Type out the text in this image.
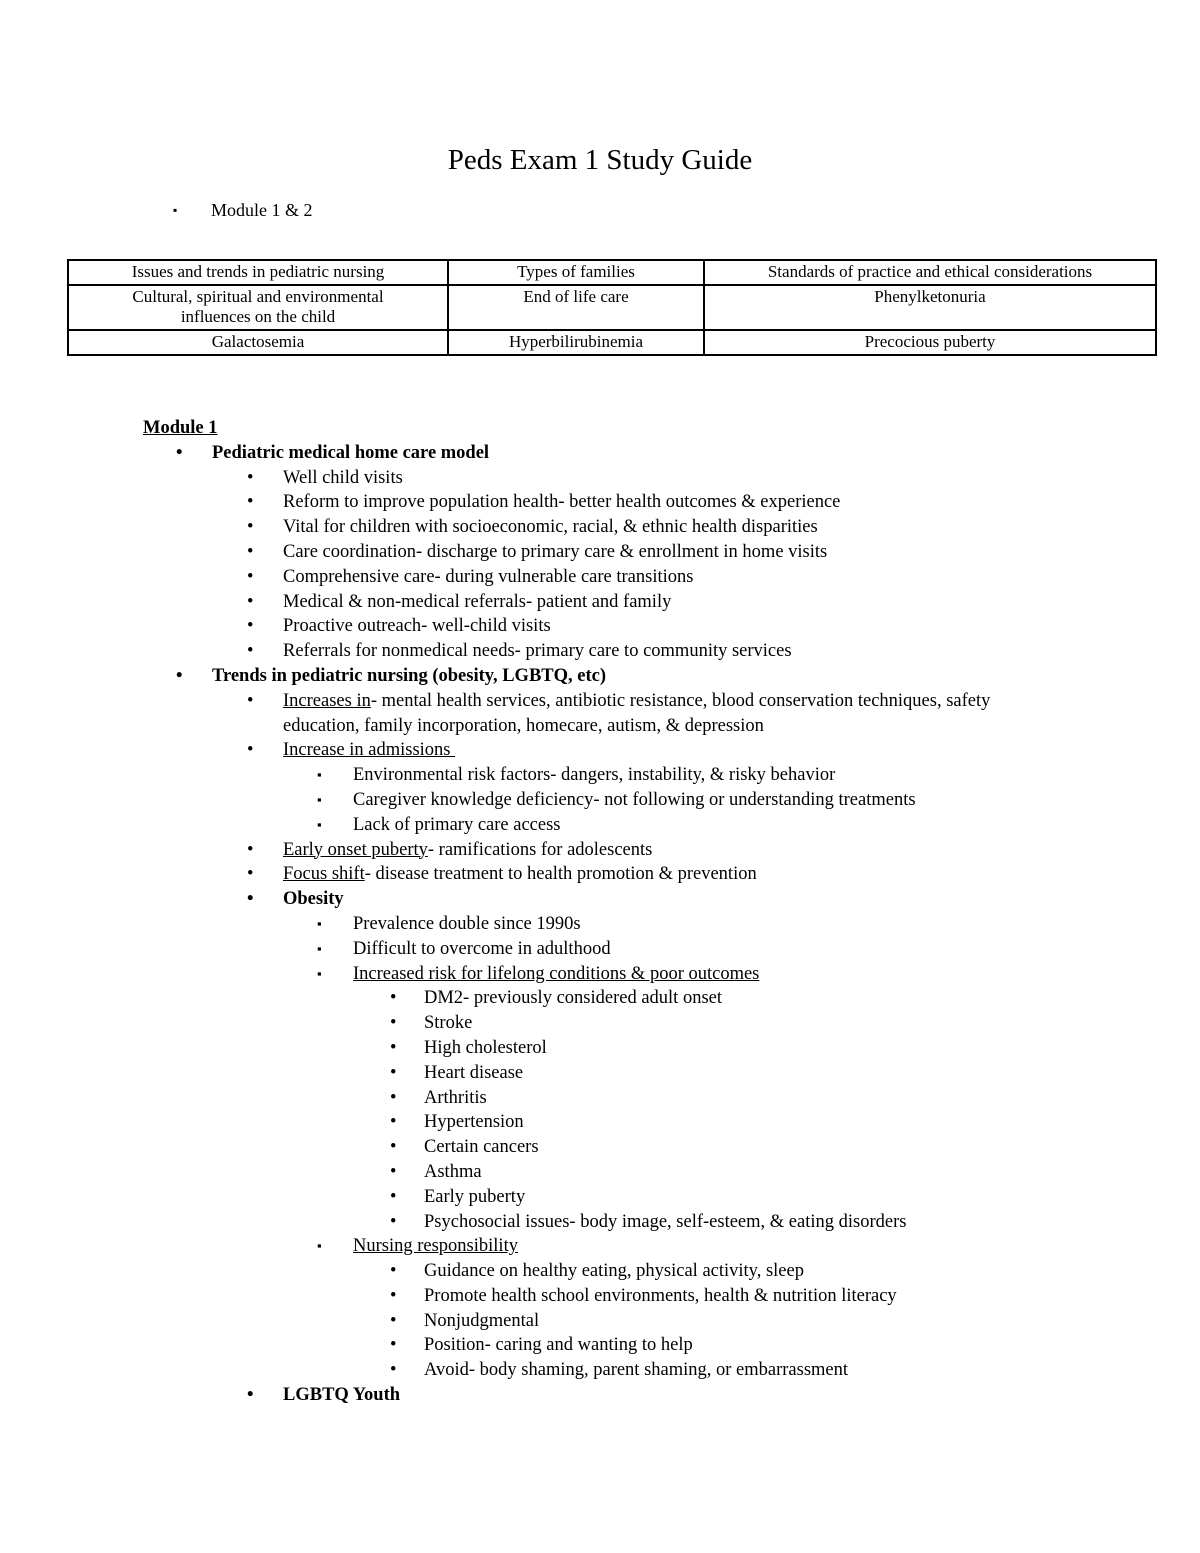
Peds Exam 1 Study Guide
▪ Module 1 & 2
Issues and trends in pediatric nursing	Types of families	Standards of practice and ethical considerations
Cultural, spiritual and environmental influences on the child	End of life care	Phenylketonuria
Galactosemia	Hyperbilirubinemia	Precocious puberty
Module 1
• Pediatric medical home care model
• Well child visits
• Reform to improve population health- better health outcomes & experience
• Vital for children with socioeconomic, racial, & ethnic health disparities
• Care coordination- discharge to primary care & enrollment in home visits
• Comprehensive care- during vulnerable care transitions
• Medical & non-medical referrals- patient and family
• Proactive outreach- well-child visits
• Referrals for nonmedical needs- primary care to community services
• Trends in pediatric nursing (obesity, LGBTQ, etc)
• Increases in- mental health services, antibiotic resistance, blood conservation techniques, safety education, family incorporation, homecare, autism, & depression
• Increase in admissions
▪ Environmental risk factors- dangers, instability, & risky behavior
▪ Caregiver knowledge deficiency- not following or understanding treatments
▪ Lack of primary care access
• Early onset puberty- ramifications for adolescents
• Focus shift- disease treatment to health promotion & prevention
• Obesity
▪ Prevalence double since 1990s
▪ Difficult to overcome in adulthood
▪ Increased risk for lifelong conditions & poor outcomes
• DM2- previously considered adult onset
• Stroke
• High cholesterol
• Heart disease
• Arthritis
• Hypertension
• Certain cancers
• Asthma
• Early puberty
• Psychosocial issues- body image, self-esteem, & eating disorders
▪ Nursing responsibility
• Guidance on healthy eating, physical activity, sleep
• Promote health school environments, health & nutrition literacy
• Nonjudgmental
• Position- caring and wanting to help
• Avoid- body shaming, parent shaming, or embarrassment
• LGBTQ Youth
